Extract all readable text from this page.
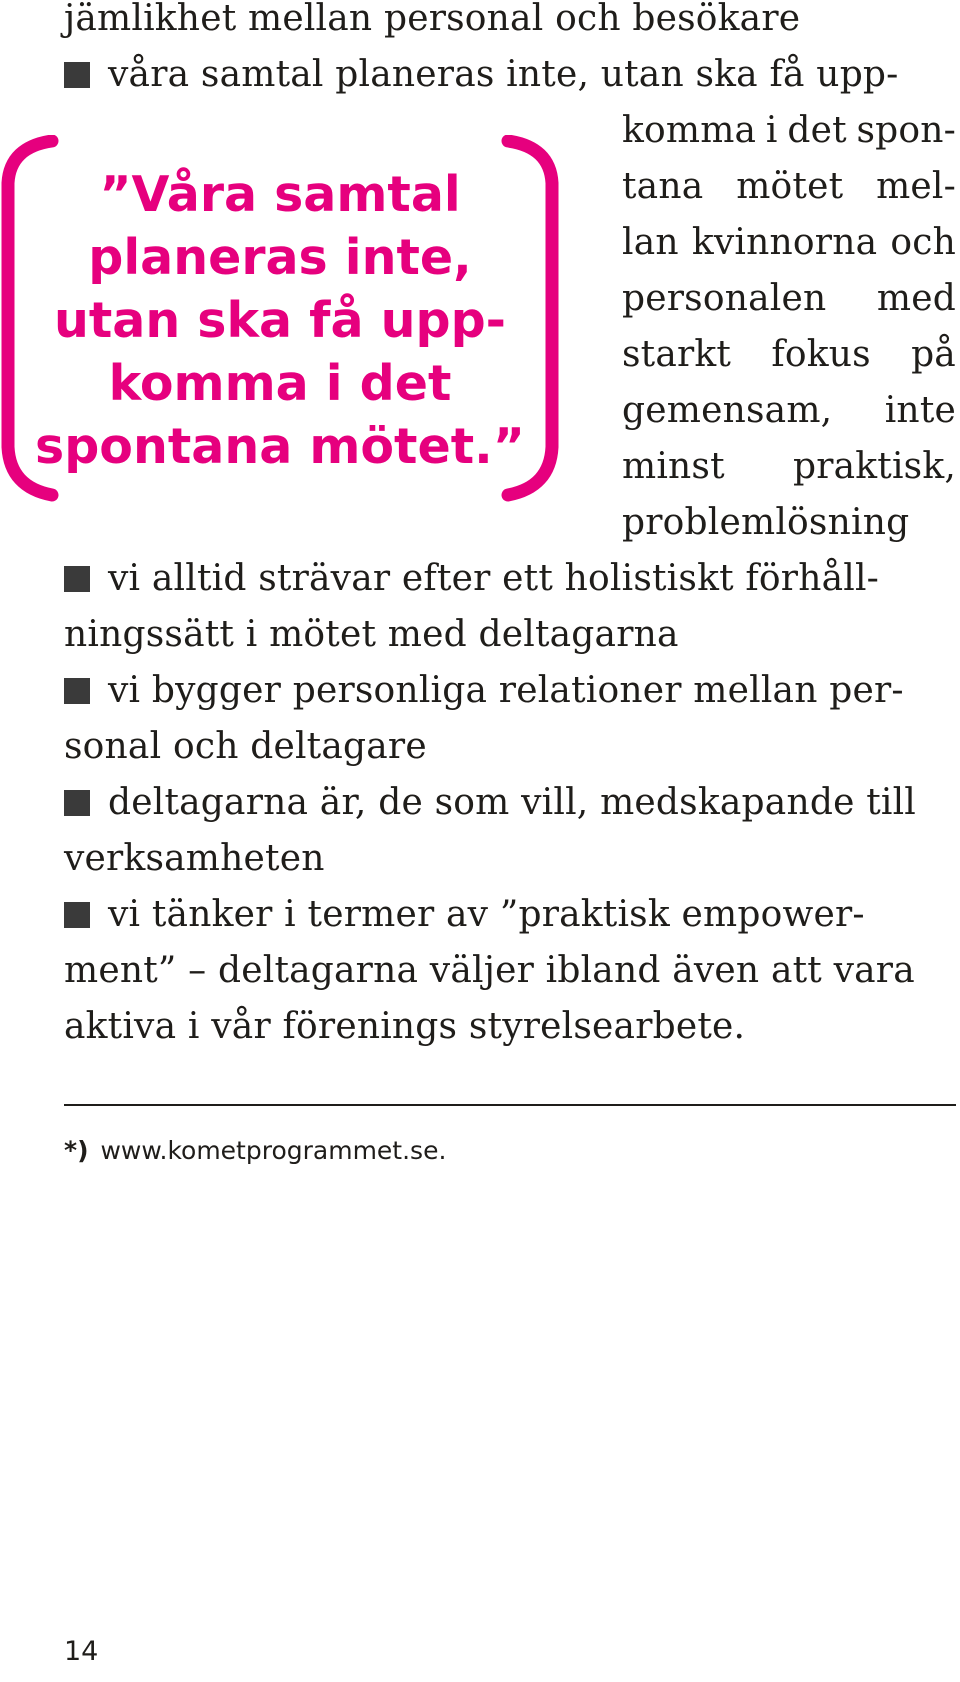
jämlikhet mellan personal och besökare
våra samtal planeras inte, utan ska få upp-
komma i det spon-
tana mötet mel-
lan kvinnorna och
personalen med
starkt fokus på
gemensam, inte
minst praktisk,
problemlösning
”Våra samtal
planeras inte,
utan ska få upp-
komma i det
spontana mötet.”
vi alltid strävar efter ett holistiskt förhåll-
ningssätt i mötet med deltagarna
vi bygger personliga relationer mellan per-
sonal och deltagare
deltagarna är, de som vill, medskapande till
verksamheten
vi tänker i termer av ”praktisk empower-
ment” – deltagarna väljer ibland även att vara
aktiva i vår förenings styrelsearbete.
*) www.kometprogrammet.se.
14
